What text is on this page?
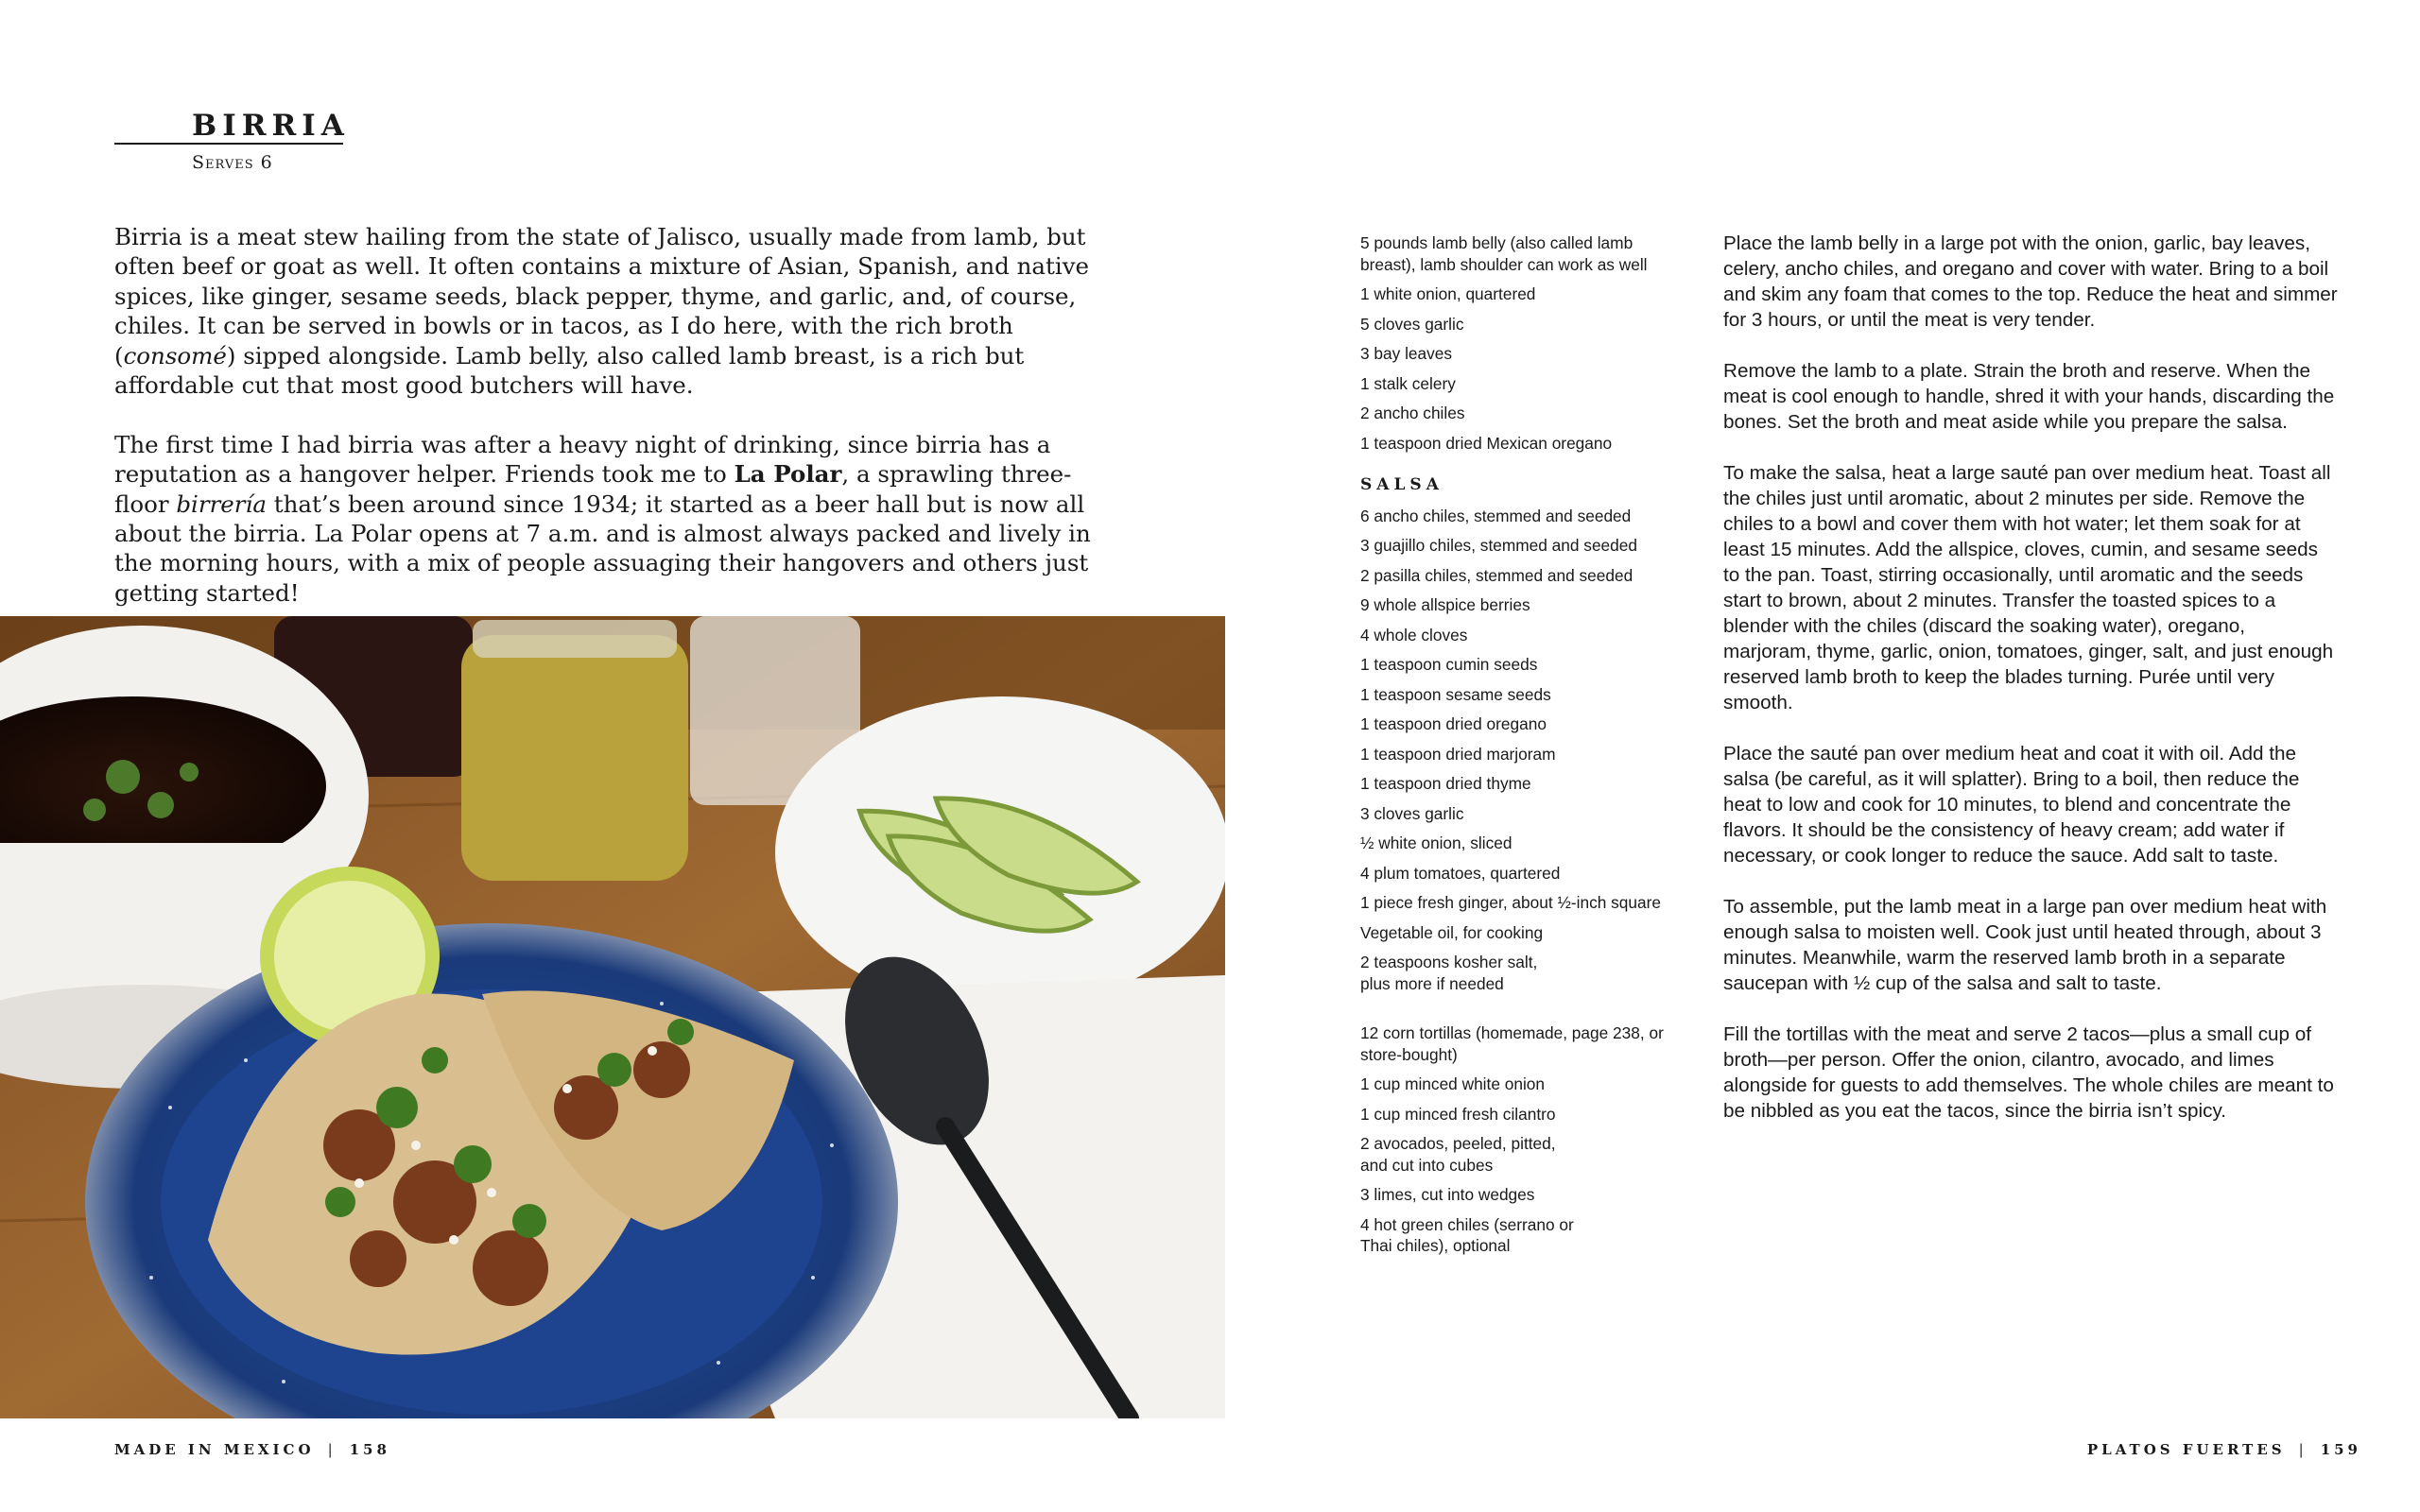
BIRRIA
Serves 6

Birria is a meat stew hailing from the state of Jalisco, usually made from lamb, but often beef or goat as well. It often contains a mixture of Asian, Spanish, and native spices, like ginger, sesame seeds, black pepper, thyme, and garlic, and, of course, chiles. It can be served in bowls or in tacos, as I do here, with the rich broth (consomé) sipped alongside. Lamb belly, also called lamb breast, is a rich but affordable cut that most good butchers will have.

The first time I had birria was after a heavy night of drinking, since birria has a reputation as a hangover helper. Friends took me to La Polar, a sprawling three-floor birrería that’s been around since 1934; it started as a beer hall but is now all about the birria. La Polar opens at 7 a.m. and is almost always packed and lively in the morning hours, with a mix of people assuaging their hangovers and others just getting started!

MADE IN MEXICO | 158
5 pounds lamb belly (also called lamb breast), lamb shoulder can work as well
1 white onion, quartered
5 cloves garlic
3 bay leaves
1 stalk celery
2 ancho chiles
1 teaspoon dried Mexican oregano
SALSA
6 ancho chiles, stemmed and seeded
3 guajillo chiles, stemmed and seeded
2 pasilla chiles, stemmed and seeded
9 whole allspice berries
4 whole cloves
1 teaspoon cumin seeds
1 teaspoon sesame seeds
1 teaspoon dried oregano
1 teaspoon dried marjoram
1 teaspoon dried thyme
3 cloves garlic
½ white onion, sliced
4 plum tomatoes, quartered
1 piece fresh ginger, about ½-inch square
Vegetable oil, for cooking
2 teaspoons kosher salt,
plus more if needed
12 corn tortillas (homemade, page 238, or store-bought)
1 cup minced white onion
1 cup minced fresh cilantro
2 avocados, peeled, pitted,
and cut into cubes
3 limes, cut into wedges
4 hot green chiles (serrano or
Thai chiles), optional

Place the lamb belly in a large pot with the onion, garlic, bay leaves, celery, ancho chiles, and oregano and cover with water. Bring to a boil and skim any foam that comes to the top. Reduce the heat and simmer for 3 hours, or until the meat is very tender.

Remove the lamb to a plate. Strain the broth and reserve. When the meat is cool enough to handle, shred it with your hands, discarding the bones. Set the broth and meat aside while you prepare the salsa.

To make the salsa, heat a large sauté pan over medium heat. Toast all the chiles just until aromatic, about 2 minutes per side. Remove the chiles to a bowl and cover them with hot water; let them soak for at least 15 minutes. Add the allspice, cloves, cumin, and sesame seeds to the pan. Toast, stirring occasionally, until aromatic and the seeds start to brown, about 2 minutes. Transfer the toasted spices to a blender with the chiles (discard the soaking water), oregano, marjoram, thyme, garlic, onion, tomatoes, ginger, salt, and just enough reserved lamb broth to keep the blades turning. Purée until very smooth.

Place the sauté pan over medium heat and coat it with oil. Add the salsa (be careful, as it will splatter). Bring to a boil, then reduce the heat to low and cook for 10 minutes, to blend and concentrate the flavors. It should be the consistency of heavy cream; add water if necessary, or cook longer to reduce the sauce. Add salt to taste.

To assemble, put the lamb meat in a large pan over medium heat with enough salsa to moisten well. Cook just until heated through, about 3 minutes. Meanwhile, warm the reserved lamb broth in a separate saucepan with ½ cup of the salsa and salt to taste.

Fill the tortillas with the meat and serve 2 tacos—plus a small cup of broth—per person. Offer the onion, cilantro, avocado, and limes alongside for guests to add themselves. The whole chiles are meant to be nibbled as you eat the tacos, since the birria isn’t spicy.

PLATOS FUERTES | 159
